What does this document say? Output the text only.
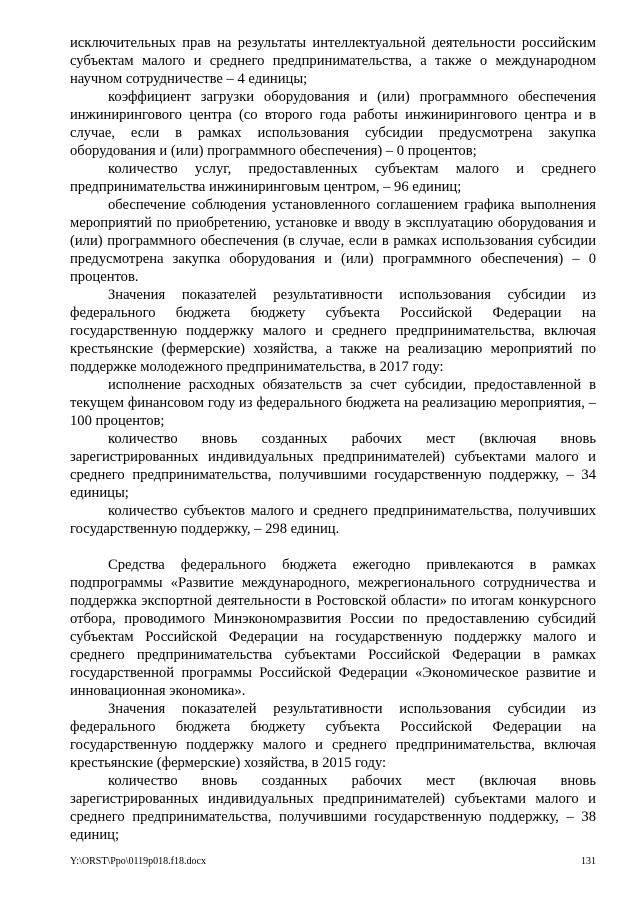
исключительных прав на результаты интеллектуальной деятельности российским субъектам малого и среднего предпринимательства, а также о международном научном сотрудничестве – 4 единицы;

коэффициент загрузки оборудования и (или) программного обеспечения инжинирингового центра (со второго года работы инжинирингового центра и в случае, если в рамках использования субсидии предусмотрена закупка оборудования и (или) программного обеспечения) – 0 процентов;

количество услуг, предоставленных субъектам малого и среднего предпринимательства инжиниринговым центром, – 96 единиц;

обеспечение соблюдения установленного соглашением графика выполнения мероприятий по приобретению, установке и вводу в эксплуатацию оборудования и (или) программного обеспечения (в случае, если в рамках использования субсидии предусмотрена закупка оборудования и (или) программного обеспечения) – 0 процентов.

Значения показателей результативности использования субсидии из федерального бюджета бюджету субъекта Российской Федерации на государственную поддержку малого и среднего предпринимательства, включая крестьянские (фермерские) хозяйства, а также на реализацию мероприятий по поддержке молодежного предпринимательства, в 2017 году:

исполнение расходных обязательств за счет субсидии, предоставленной в текущем финансовом году из федерального бюджета на реализацию мероприятия, – 100 процентов;

количество вновь созданных рабочих мест (включая вновь зарегистрированных индивидуальных предпринимателей) субъектами малого и среднего предпринимательства, получившими государственную поддержку, – 34 единицы;

количество субъектов малого и среднего предпринимательства, получивших государственную поддержку, – 298 единиц.

Средства федерального бюджета ежегодно привлекаются в рамках подпрограммы «Развитие международного, межрегионального сотрудничества и поддержка экспортной деятельности в Ростовской области» по итогам конкурсного отбора, проводимого Минэкономразвития России по предоставлению субсидий субъектам Российской Федерации на государственную поддержку малого и среднего предпринимательства субъектами Российской Федерации в рамках государственной программы Российской Федерации «Экономическое развитие и инновационная экономика».

Значения показателей результативности использования субсидии из федерального бюджета бюджету субъекта Российской Федерации на государственную поддержку малого и среднего предпринимательства, включая крестьянские (фермерские) хозяйства, в 2015 году:

количество вновь созданных рабочих мест (включая вновь зарегистрированных индивидуальных предпринимателей) субъектами малого и среднего предпринимательства, получившими государственную поддержку, – 38 единиц;

Y:\ORST\Ppo\0119p018.f18.docx	131
